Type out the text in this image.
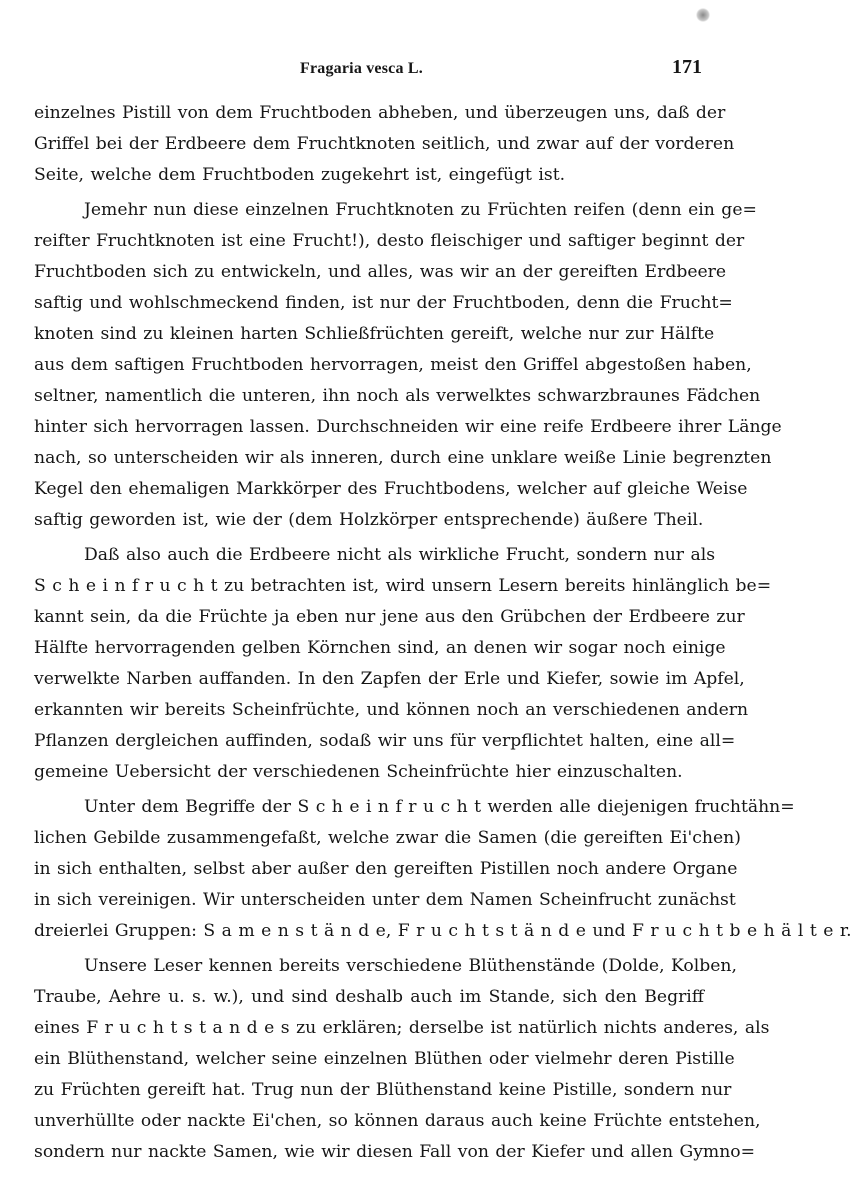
Fragaria vesca L.	171
einzelnes Pistill von dem Fruchtboden abheben, und überzeugen uns, daß der
Griffel bei der Erdbeere dem Fruchtknoten seitlich, und zwar auf der vorderen
Seite, welche dem Fruchtboden zugekehrt ist, eingefügt ist.
Jemehr nun diese einzelnen Fruchtknoten zu Früchten reifen (denn ein ge=
reifter Fruchtknoten ist eine Frucht!), desto fleischiger und saftiger beginnt der
Fruchtboden sich zu entwickeln, und alles, was wir an der gereiften Erdbeere
saftig und wohlschmeckend finden, ist nur der Fruchtboden, denn die Frucht=
knoten sind zu kleinen harten Schließfrüchten gereift, welche nur zur Hälfte
aus dem saftigen Fruchtboden hervorragen, meist den Griffel abgestoßen haben,
seltner, namentlich die unteren, ihn noch als verwelktes schwarzbraunes Fädchen
hinter sich hervorragen lassen. Durchschneiden wir eine reife Erdbeere ihrer Länge
nach, so unterscheiden wir als inneren, durch eine unklare weiße Linie begrenzten
Kegel den ehemaligen Markkörper des Fruchtbodens, welcher auf gleiche Weise
saftig geworden ist, wie der (dem Holzkörper entsprechende) äußere Theil.
Daß also auch die Erdbeere nicht als wirkliche Frucht, sondern nur als
S c h e i n f r u c h t zu betrachten ist, wird unsern Lesern bereits hinlänglich be=
kannt sein, da die Früchte ja eben nur jene aus den Grübchen der Erdbeere zur
Hälfte hervorragenden gelben Körnchen sind, an denen wir sogar noch einige
verwelkte Narben auffanden. In den Zapfen der Erle und Kiefer, sowie im Apfel,
erkannten wir bereits Scheinfrüchte, und können noch an verschiedenen andern
Pflanzen dergleichen auffinden, sodaß wir uns für verpflichtet halten, eine all=
gemeine Uebersicht der verschiedenen Scheinfrüchte hier einzuschalten.
Unter dem Begriffe der S c h e i n f r u c h t werden alle diejenigen fruchtähn=
lichen Gebilde zusammengefaßt, welche zwar die Samen (die gereiften Ei'chen)
in sich enthalten, selbst aber außer den gereiften Pistillen noch andere Organe
in sich vereinigen. Wir unterscheiden unter dem Namen Scheinfrucht zunächst
dreierlei Gruppen: S a m e n s t ä n d e, F r u c h t s t ä n d e und F r u c h t b e h ä l t e r.
Unsere Leser kennen bereits verschiedene Blüthenstände (Dolde, Kolben,
Traube, Aehre u. s. w.), und sind deshalb auch im Stande, sich den Begriff
eines F r u c h t s t a n d e s zu erklären; derselbe ist natürlich nichts anderes, als
ein Blüthenstand, welcher seine einzelnen Blüthen oder vielmehr deren Pistille
zu Früchten gereift hat. Trug nun der Blüthenstand keine Pistille, sondern nur
unverhüllte oder nackte Ei'chen, so können daraus auch keine Früchte entstehen,
sondern nur nackte Samen, wie wir diesen Fall von der Kiefer und allen Gymno=
